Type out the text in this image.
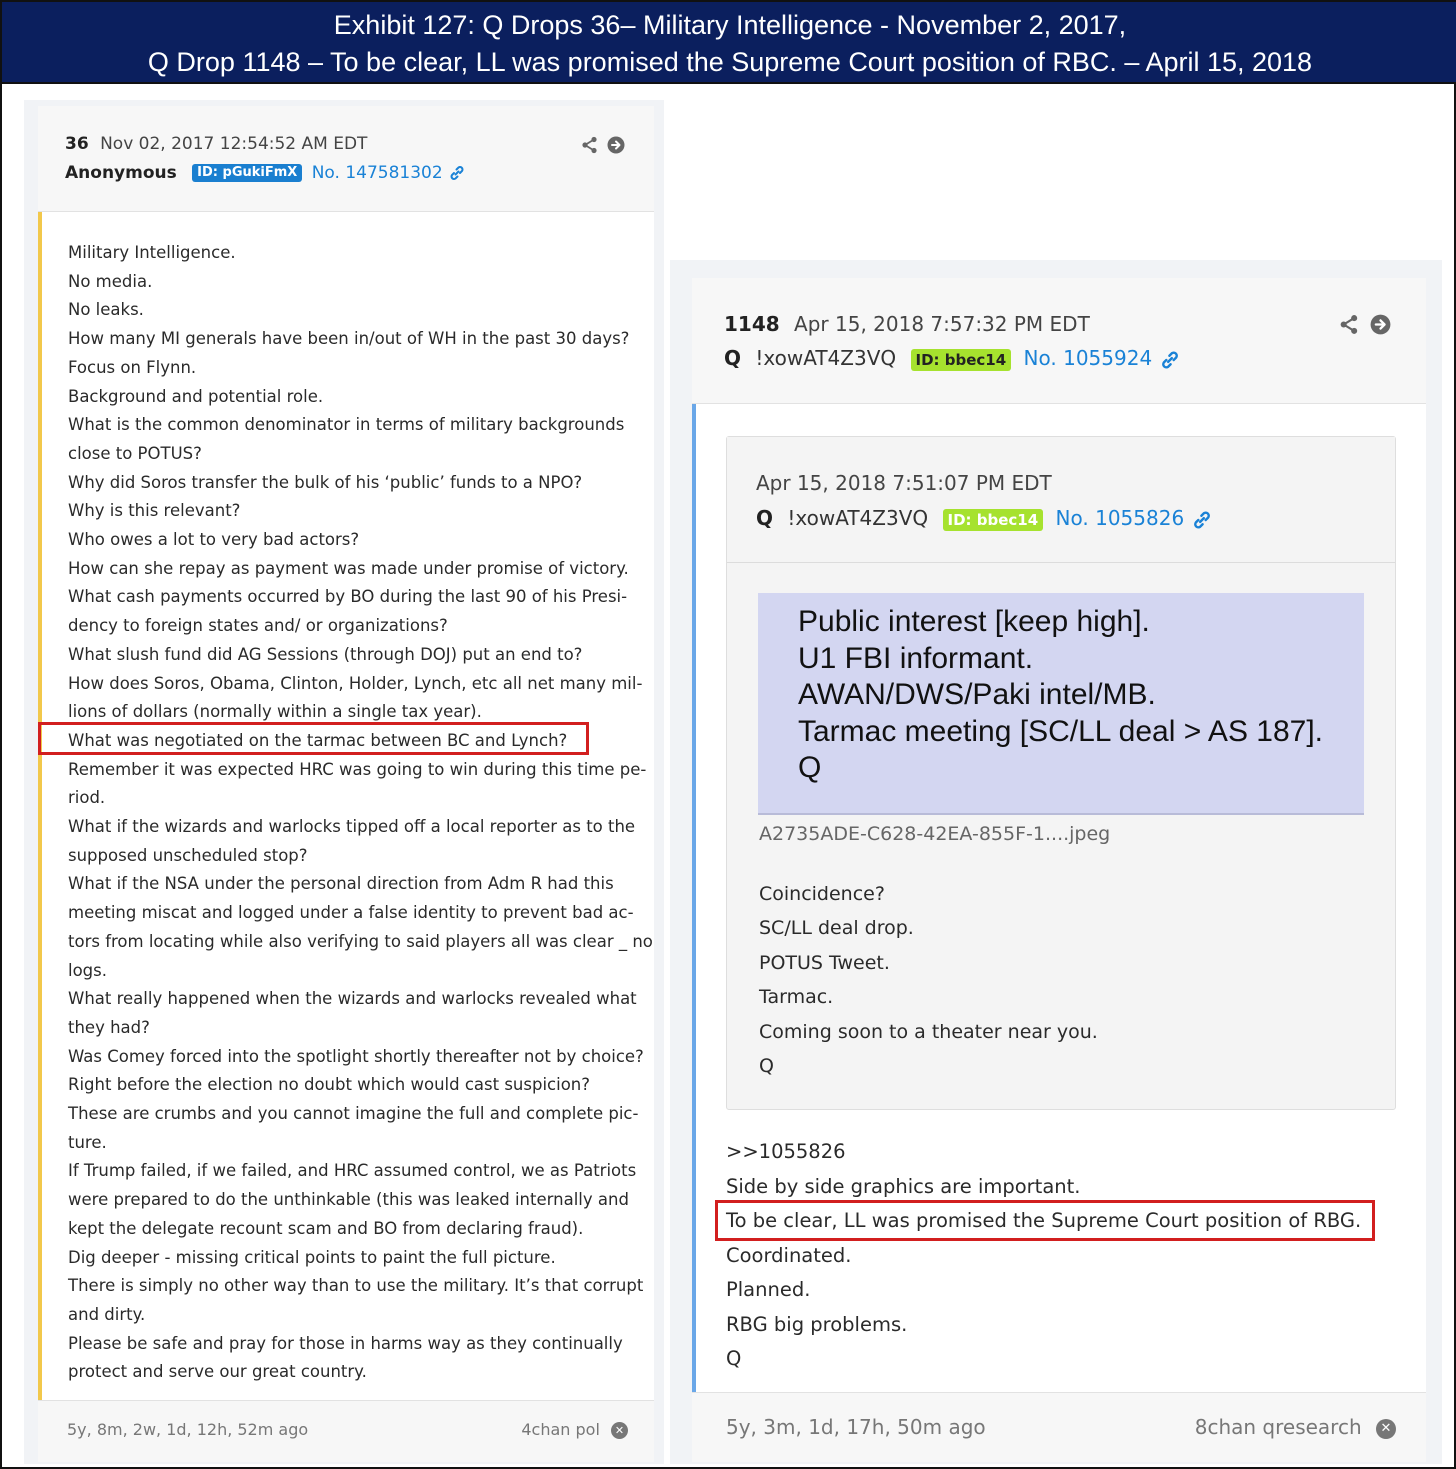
Exhibit 127: Q Drops 36– Military Intelligence - November 2, 2017,
Q Drop 1148 – To be clear, LL was promised the Supreme Court position of RBC. – April 15, 2018
36 Nov 02, 2017 12:54:52 AM EDT
Anonymous ID: pGukiFmX No. 147581302
Military Intelligence.
No media.
No leaks.
How many MI generals have been in/out of WH in the past 30 days?
Focus on Flynn.
Background and potential role.
What is the common denominator in terms of military backgrounds
close to POTUS?
Why did Soros transfer the bulk of his ‘public’ funds to a NPO?
Why is this relevant?
Who owes a lot to very bad actors?
How can she repay as payment was made under promise of victory.
What cash payments occurred by BO during the last 90 of his Presi-
dency to foreign states and/ or organizations?
What slush fund did AG Sessions (through DOJ) put an end to?
How does Soros, Obama, Clinton, Holder, Lynch, etc all net many mil-
lions of dollars (normally within a single tax year).
What was negotiated on the tarmac between BC and Lynch?
Remember it was expected HRC was going to win during this time pe-
riod.
What if the wizards and warlocks tipped off a local reporter as to the
supposed unscheduled stop?
What if the NSA under the personal direction from Adm R had this
meeting miscat and logged under a false identity to prevent bad ac-
tors from locating while also verifying to said players all was clear _ no
logs.
What really happened when the wizards and warlocks revealed what
they had?
Was Comey forced into the spotlight shortly thereafter not by choice?
Right before the election no doubt which would cast suspicion?
These are crumbs and you cannot imagine the full and complete pic-
ture.
If Trump failed, if we failed, and HRC assumed control, we as Patriots
were prepared to do the unthinkable (this was leaked internally and
kept the delegate recount scam and BO from declaring fraud).
Dig deeper - missing critical points to paint the full picture.
There is simply no other way than to use the military. It’s that corrupt
and dirty.
Please be safe and pray for those in harms way as they continually
protect and serve our great country.
5y, 8m, 2w, 1d, 12h, 52m ago	4chan pol ✕
1148 Apr 15, 2018 7:57:32 PM EDT
Q !xowAT4Z3VQ ID: bbec14 No. 1055924
Apr 15, 2018 7:51:07 PM EDT
Q !xowAT4Z3VQ ID: bbec14 No. 1055826
Public interest [keep high].
U1 FBI informant.
AWAN/DWS/Paki intel/MB.
Tarmac meeting [SC/LL deal > AS 187].
Q
A2735ADE-C628-42EA-855F-1....jpeg
Coincidence?
SC/LL deal drop.
POTUS Tweet.
Tarmac.
Coming soon to a theater near you.
Q
>>1055826
Side by side graphics are important.
To be clear, LL was promised the Supreme Court position of RBG.
Coordinated.
Planned.
RBG big problems.
Q
5y, 3m, 1d, 17h, 50m ago	8chan qresearch ✕
